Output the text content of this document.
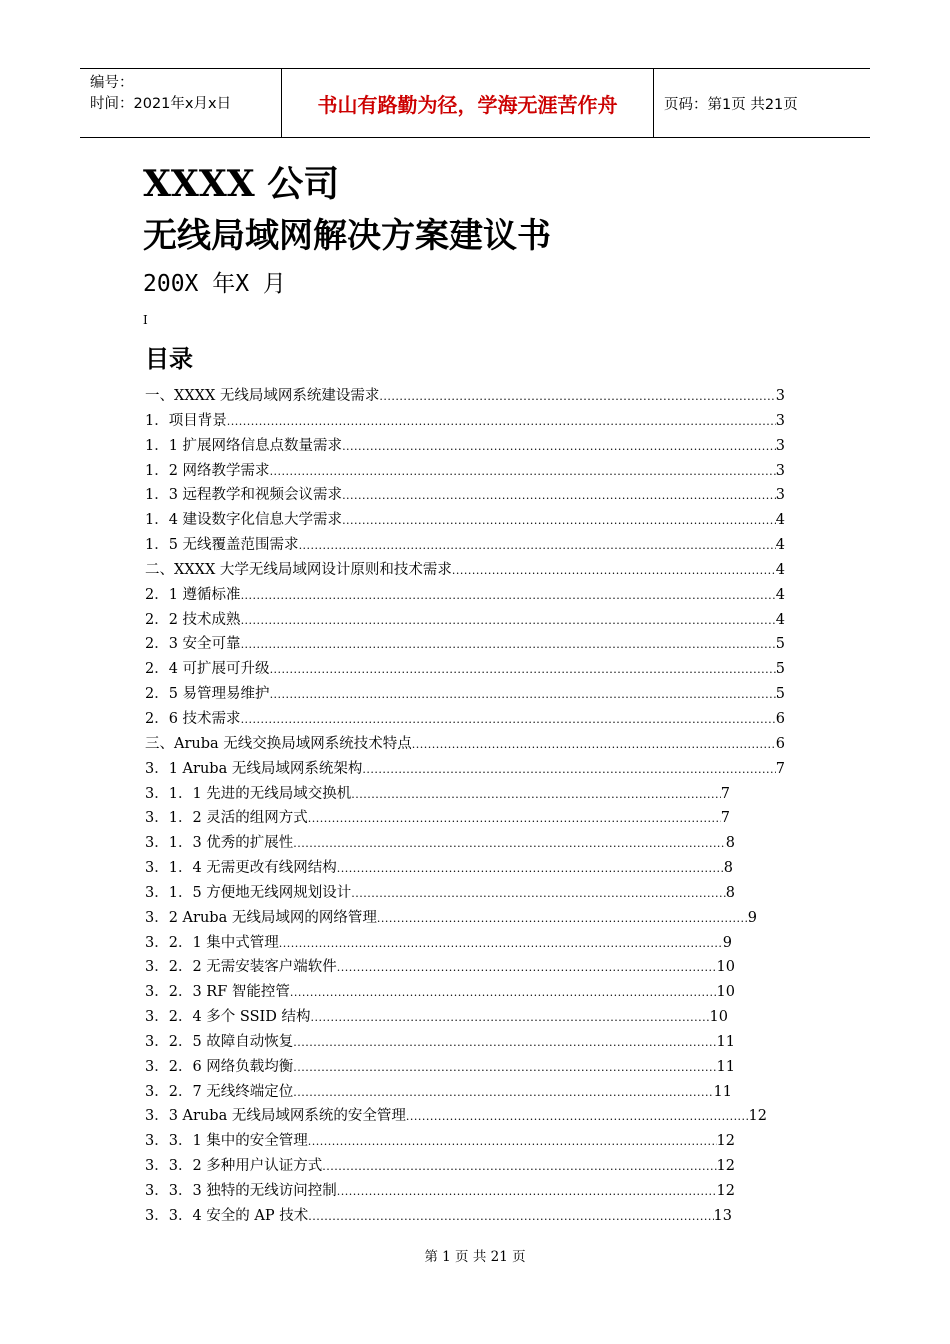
编号：
时间：2021年x月x日	书山有路勤为径，学海无涯苦作舟	页码：第1页 共21页
XXXX 公司
无线局域网解决方案建议书
200X 年X 月
I
目录
一、XXXX 无线局域网系统建设需求 .....	3
1．项目背景 .....	3
1．1 扩展网络信息点数量需求 .....	3
1．2 网络教学需求 .....	3
1．3 远程教学和视频会议需求 .....	3
1．4 建设数字化信息大学需求 .....	4
1．5 无线覆盖范围需求 .....	4
二、XXXX 大学无线局域网设计原则和技术需求 .....	4
2．1 遵循标准 .....	4
2．2 技术成熟 .....	4
2．3 安全可靠 .....	5
2．4 可扩展可升级 .....	5
2．5 易管理易维护 .....	5
2．6 技术需求 .....	6
三、Aruba 无线交换局域网系统技术特点 .....	6
3．1 Aruba 无线局域网系统架构 .....	7
3．1．1 先进的无线局域交换机 .....	7
3．1．2 灵活的组网方式 .....	7
3．1．3 优秀的扩展性 .....	8
3．1．4 无需更改有线网结构 .....	8
3．1．5 方便地无线网规划设计 .....	8
3．2 Aruba 无线局域网的网络管理 .....	9
3．2．1 集中式管理 .....	9
3．2．2 无需安装客户端软件 .....	10
3．2．3 RF 智能控管 .....	10
3．2．4 多个 SSID 结构 .....	10
3．2．5 故障自动恢复 .....	11
3．2．6 网络负载均衡 .....	11
3．2．7 无线终端定位 .....	11
3．3 Aruba 无线局域网系统的安全管理 .....	12
3．3．1 集中的安全管理 .....	12
3．3．2 多种用户认证方式 .....	12
3．3．3 独特的无线访问控制 .....	12
3．3．4 安全的 AP 技术 .....	13
第 1 页 共 21 页
